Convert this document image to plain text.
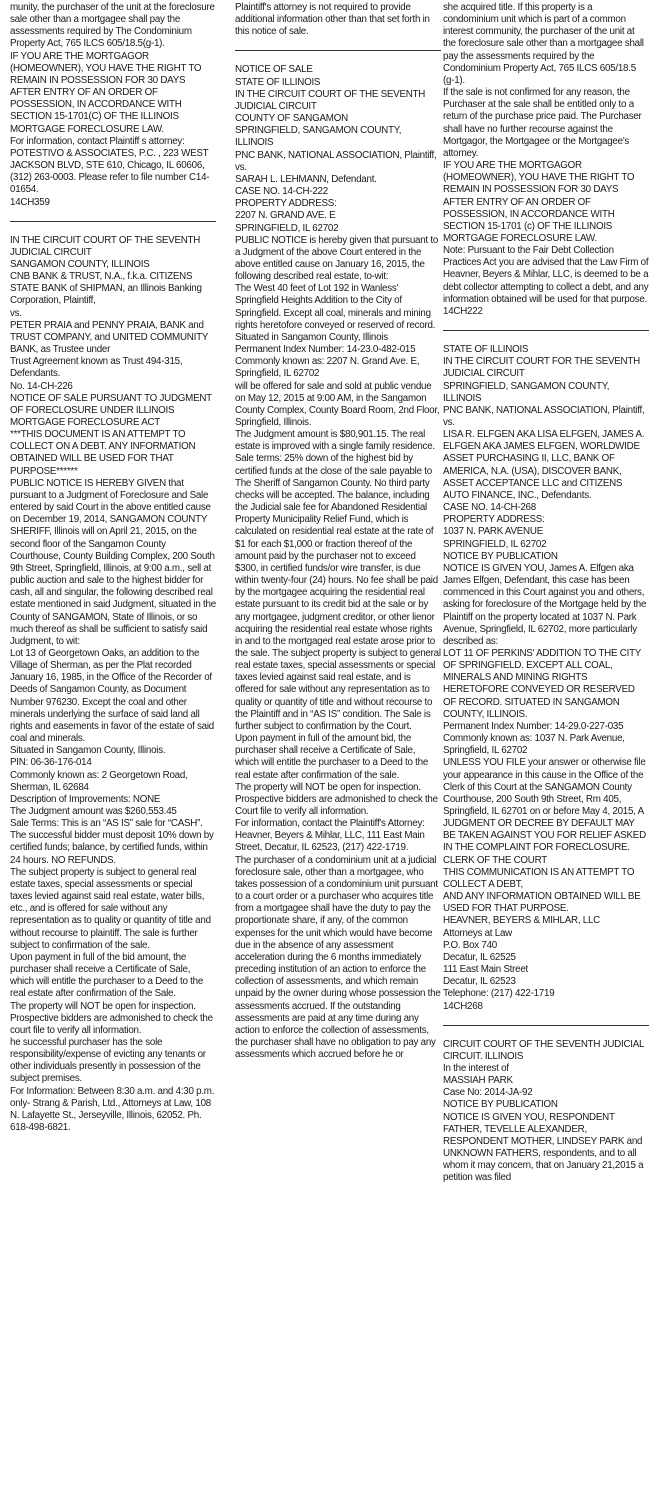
munity, the purchaser of the unit at the foreclosure sale other than a mortgagee shall pay the assessments required by The Condominium Property Act, 765 ILCS 605/18.5(g-1).

IF YOU ARE THE MORTGAGOR (HOMEOWNER), YOU HAVE THE RIGHT TO REMAIN IN POSSESSION FOR 30 DAYS AFTER ENTRY OF AN ORDER OF POSSESSION, IN ACCORDANCE WITH SECTION 15-1701(C) OF THE ILLINOIS MORTGAGE FORECLOSURE LAW.

For information, contact Plaintiff s attorney: POTESTIVO & ASSOCIATES, P.C. , 223 WEST JACKSON BLVD, STE 610, Chicago, IL 60606, (312) 263-0003. Please refer to file number C14-01654.

14CH359

IN THE CIRCUIT COURT OF THE SEVENTH JUDICIAL CIRCUIT

SANGAMON COUNTY, ILLINOIS

CNB BANK & TRUST, N.A., f.k.a. CITIZENS STATE BANK of SHIPMAN, an Illinois Banking Corporation, Plaintiff,

vs.

PETER PRAIA and PENNY PRAIA, BANK and TRUST COMPANY, and UNITED COMMUNITY BANK, as Trustee under

Trust Agreement known as Trust 494-315,

Defendants.

No. 14-CH-226

NOTICE OF SALE PURSUANT TO JUDGMENT OF FORECLOSURE UNDER ILLINOIS MORTGAGE FORECLOSURE ACT

***THIS DOCUMENT IS AN ATTEMPT TO COLLECT ON A DEBT. ANY INFORMATION OBTAINED WILL BE USED FOR THAT PURPOSE******

PUBLIC NOTICE IS HEREBY GIVEN that pursuant to a Judgment of Foreclosure and Sale entered by said Court in the above entitled cause on December 19, 2014, SANGAMON COUNTY SHERIFF, Illinois will on April 21, 2015, on the second floor of the Sangamon County Courthouse, County Building Complex, 200 South 9th Street, Springfield, Illinois, at 9:00 a.m., sell at public auction and sale to the highest bidder for cash, all and singular, the following described real estate mentioned in said Judgment, situated in the County of SANGAMON, State of Illinois, or so much thereof as shall be sufficient to satisfy said Judgment, to wit:

Lot 13 of Georgetown Oaks, an addition to the Village of Sherman, as per the Plat recorded January 16, 1985, in the Office of the Recorder of Deeds of Sangamon County, as Document Number 976230. Except the coal and other minerals underlying the surface of said land all rights and easements in favor of the estate of said coal and minerals.

Situated in Sangamon County, Illinois.

PIN: 06-36-176-014

Commonly known as: 2 Georgetown Road, Sherman, IL 62684

Description of Improvements: NONE

The Judgment amount was $260,553.45

Sale Terms: This is an “AS IS” sale for “CASH”. The successful bidder must deposit 10% down by certified funds; balance, by certified funds, within 24 hours. NO REFUNDS.

The subject property is subject to general real estate taxes, special assessments or special taxes levied against said real estate, water bills, etc., and is offered for sale without any representation as to quality or quantity of title and without recourse to plaintiff. The sale is further subject to confirmation of the sale.

Upon payment in full of the bid amount, the purchaser shall receive a Certificate of Sale, which will entitle the purchaser to a Deed to the real estate after confirmation of the Sale.

The property will NOT be open for inspection. Prospective bidders are admonished to check the court file to verify all information.

he successful purchaser has the sole responsibility/expense of evicting any tenants or other individuals presently in possession of the subject premises.

For Information: Between 8:30 a.m. and 4:30 p.m. only- Strang & Parish, Ltd., Attorneys at Law, 108 N. Lafayette St., Jerseyville, Illinois, 62052. Ph. 618-498-6821.

Plaintiff's attorney is not required to provide additional information other than that set forth in this notice of sale.

NOTICE OF SALE

STATE OF ILLINOIS

IN THE CIRCUIT COURT OF THE SEVENTH JUDICIAL CIRCUIT

COUNTY OF SANGAMON

SPRINGFIELD, SANGAMON COUNTY, ILLINOIS

PNC BANK, NATIONAL ASSOCIATION, Plaintiff,

vs.

SARAH L. LEHMANN, Defendant.

CASE NO. 14-CH-222

PROPERTY ADDRESS:

2207 N. GRAND AVE. E

SPRINGFIELD, IL 62702

PUBLIC NOTICE is hereby given that pursuant to a Judgment of the above Court entered in the above entitled cause on January 16, 2015, the following described real estate, to-wit:

The West 40 feet of Lot 192 in Wanless' Springfield Heights Addition to the City of Springfield. Except all coal, minerals and mining rights heretofore conveyed or reserved of record. Situated in Sangamon County, Illinois

Permanent Index Number: 14-23.0-482-015

Commonly known as: 2207 N. Grand Ave. E, Springfield, IL 62702

will be offered for sale and sold at public vendue on May 12, 2015 at 9:00 AM, in the Sangamon County Complex, County Board Room, 2nd Floor, Springfield, Illinois.

The Judgment amount is $80,901.15. The real estate is improved with a single family residence.

Sale terms: 25% down of the highest bid by certified funds at the close of the sale payable to The Sheriff of Sangamon County. No third party checks will be accepted. The balance, including the Judicial sale fee for Abandoned Residential Property Municipality Relief Fund, which is calculated on residential real estate at the rate of $1 for each $1,000 or fraction thereof of the amount paid by the purchaser not to exceed $300, in certified funds/or wire transfer, is due within twenty-four (24) hours. No fee shall be paid by the mortgagee acquiring the residential real estate pursuant to its credit bid at the sale or by any mortgagee, judgment creditor, or other lienor acquiring the residential real estate whose rights in and to the mortgaged real estate arose prior to the sale. The subject property is subject to general real estate taxes, special assessments or special taxes levied against said real estate, and is offered for sale without any representation as to quality or quantity of title and without recourse to the Plaintiff and in “AS IS” condition. The Sale is further subject to confirmation by the Court.

Upon payment in full of the amount bid, the purchaser shall receive a Certificate of Sale, which will entitle the purchaser to a Deed to the real estate after confirmation of the sale.

The property will NOT be open for inspection. Prospective bidders are admonished to check the Court file to verify all information.

For information, contact the Plaintiff's Attorney: Heavner, Beyers & Mihlar, LLC, 111 East Main Street, Decatur, IL 62523, (217) 422-1719.

The purchaser of a condominium unit at a judicial foreclosure sale, other than a mortgagee, who takes possession of a condominium unit pursuant to a court order or a purchaser who acquires title from a mortgagee shall have the duty to pay the proportionate share, if any, of the common expenses for the unit which would have become due in the absence of any assessment acceleration during the 6 months immediately preceding institution of an action to enforce the collection of assessments, and which remain unpaid by the owner during whose possession the assessments accrued. If the outstanding assessments are paid at any time during any action to enforce the collection of assessments, the purchaser shall have no obligation to pay any assessments which accrued before he or

she acquired title. If this property is a condominium unit which is part of a common interest community, the purchaser of the unit at the foreclosure sale other than a mortgagee shall pay the assessments required by the Condominium Property Act, 765 ILCS 605/18.5 (g-1).

If the sale is not confirmed for any reason, the Purchaser at the sale shall be entitled only to a return of the purchase price paid. The Purchaser shall have no further recourse against the Mortgagor, the Mortgagee or the Mortgagee's attorney.

IF YOU ARE THE MORTGAGOR (HOMEOWNER), YOU HAVE THE RIGHT TO REMAIN IN POSSESSION FOR 30 DAYS AFTER ENTRY OF AN ORDER OF POSSESSION, IN ACCORDANCE WITH SECTION 15-1701 (c) OF THE ILLINOIS MORTGAGE FORECLOSURE LAW.

Note: Pursuant to the Fair Debt Collection Practices Act you are advised that the Law Firm of Heavner, Beyers & Mihlar, LLC, is deemed to be a debt collector attempting to collect a debt, and any information obtained will be used for that purpose.

14CH222

STATE OF ILLINOIS

IN THE CIRCUIT COURT FOR THE SEVENTH JUDICIAL CIRCUIT

SPRINGFIELD, SANGAMON COUNTY, ILLINOIS

PNC BANK, NATIONAL ASSOCIATION, Plaintiff,

vs.

LISA R. ELFGEN AKA LISA ELFGEN, JAMES A. ELFGEN AKA JAMES ELFGEN, WORLDWIDE ASSET PURCHASING II, LLC, BANK OF AMERICA, N.A. (USA), DISCOVER BANK, ASSET ACCEPTANCE LLC and CITIZENS AUTO FINANCE, INC., Defendants.

CASE NO. 14-CH-268

PROPERTY ADDRESS:

1037 N. PARK AVENUE

SPRINGFIELD, IL 62702

NOTICE BY PUBLICATION

NOTICE IS GIVEN YOU, James A. Elfgen aka James Elfgen, Defendant, this case has been commenced in this Court against you and others, asking for foreclosure of the Mortgage held by the Plaintiff on the property located at 1037 N. Park Avenue, Springfield, IL 62702, more particularly described as:

LOT 11 OF PERKINS' ADDITION TO THE CITY OF SPRINGFIELD. EXCEPT ALL COAL, MINERALS AND MINING RIGHTS HERETOFORE CONVEYED OR RESERVED OF RECORD. SITUATED IN SANGAMON COUNTY, ILLINOIS.

Permanent Index Number: 14-29.0-227-035

Commonly known as: 1037 N. Park Avenue, Springfield, IL 62702

UNLESS YOU FILE your answer or otherwise file your appearance in this cause in the Office of the Clerk of this Court at the SANGAMON County Courthouse, 200 South 9th Street, Rm 405, Springfield, IL 62701 on or before May 4, 2015, A JUDGMENT OR DECREE BY DEFAULT MAY BE TAKEN AGAINST YOU FOR RELIEF ASKED IN THE COMPLAINT FOR FORECLOSURE.

CLERK OF THE COURT

THIS COMMUNICATION IS AN ATTEMPT TO COLLECT A DEBT,

AND ANY INFORMATION OBTAINED WILL BE USED FOR THAT PURPOSE.

HEAVNER, BEYERS & MIHLAR, LLC

Attorneys at Law

P.O. Box 740

Decatur, IL 62525

111 East Main Street

Decatur, IL 62523

Telephone: (217) 422-1719

14CH268

CIRCUIT COURT OF THE SEVENTH JUDICIAL CIRCUIT. ILLINOIS

In the interest of

MASSIAH PARK

Case No: 2014-JA-92

NOTICE BY PUBLICATION

NOTICE IS GIVEN YOU, RESPONDENT FATHER, TEVELLE ALEXANDER, RESPONDENT MOTHER, LINDSEY PARK and UNKNOWN FATHERS, respondents, and to all whom it may concern, that on January 21,2015 a petition was filed
